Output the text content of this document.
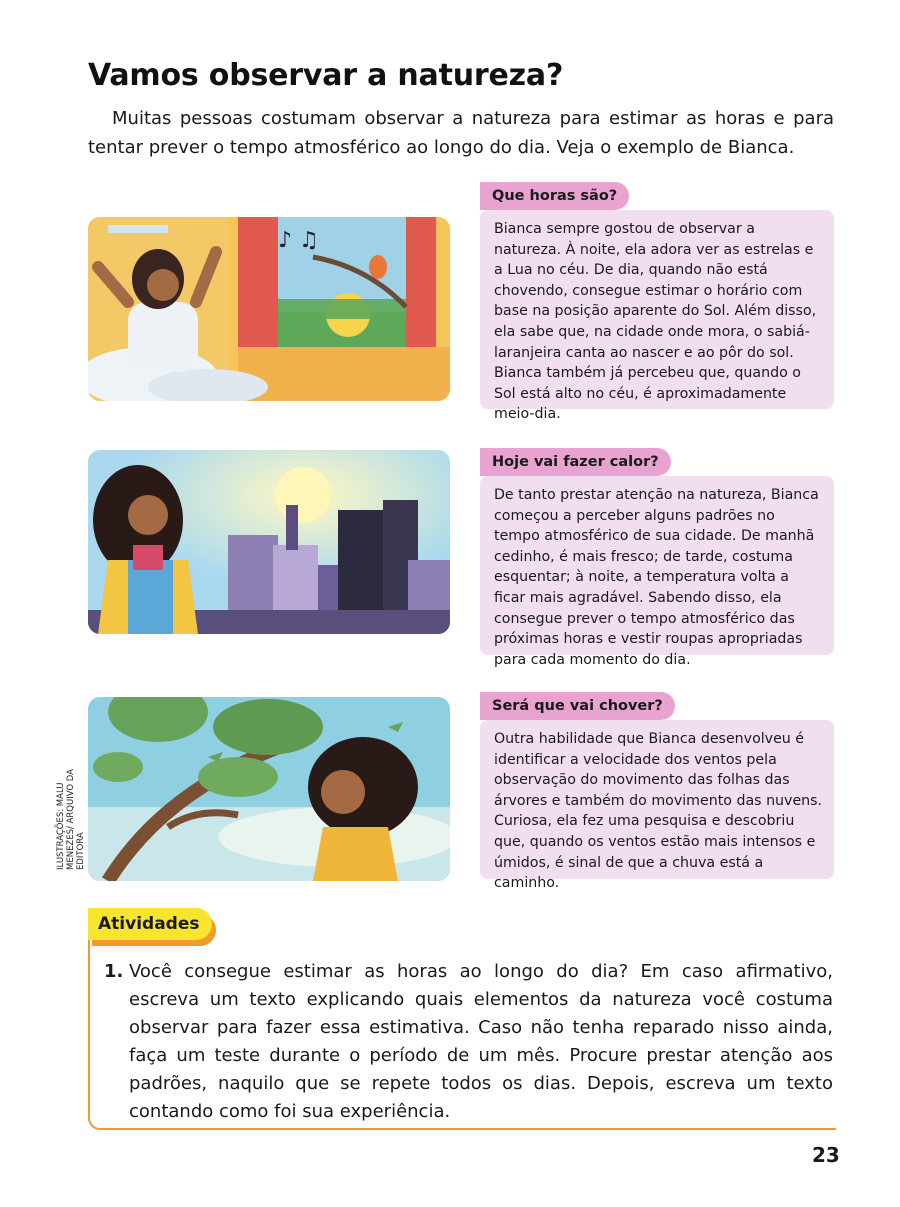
Vamos observar a natureza?

Muitas pessoas costumam observar a natureza para estimar as horas e para tentar prever o tempo atmosférico ao longo do dia. Veja o exemplo de Bianca.

♪ ♫
Que horas são?

Bianca sempre gostou de observar a natureza. À noite, ela adora ver as estrelas e a Lua no céu. De dia, quando não está chovendo, consegue estimar o horário com base na posição aparente do Sol. Além disso, ela sabe que, na cidade onde mora, o sabiá-laranjeira canta ao nascer e ao pôr do sol. Bianca também já percebeu que, quando o Sol está alto no céu, é aproximadamente meio-dia.

Hoje vai fazer calor?

De tanto prestar atenção na natureza, Bianca começou a perceber alguns padrões no tempo atmosférico de sua cidade. De manhã cedinho, é mais fresco; de tarde, costuma esquentar; à noite, a temperatura volta a ficar mais agradável. Sabendo disso, ela consegue prever o tempo atmosférico das próximas horas e vestir roupas apropriadas para cada momento do dia.

Será que vai chover?

Outra habilidade que Bianca desenvolveu é identificar a velocidade dos ventos pela observação do movimento das folhas das árvores e também do movimento das nuvens. Curiosa, ela fez uma pesquisa e descobriu que, quando os ventos estão mais intensos e úmidos, é sinal de que a chuva está a caminho.

ILUSTRAÇÕES: MALU MENEZES/ ARQUIVO DA EDITORA
Atividades
1. Você consegue estimar as horas ao longo do dia? Em caso afirmativo, escreva um texto explicando quais elementos da natureza você costuma observar para fazer essa estimativa. Caso não tenha reparado nisso ainda, faça um teste durante o período de um mês. Procure prestar atenção aos padrões, naquilo que se repete todos os dias. Depois, escreva um texto contando como foi sua experiência.

23
